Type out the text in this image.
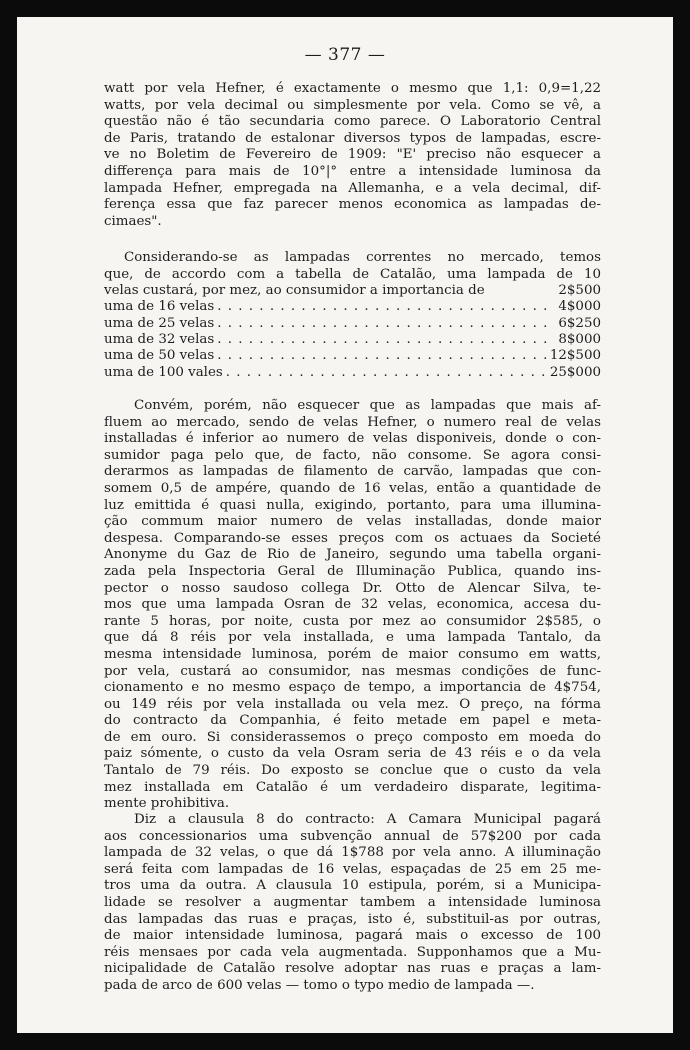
— 377 —
watt por vela Hefner, é exactamente o mesmo que 1,1: 0,9=1,22
watts, por vela decimal ou simplesmente por vela. Como se vê, a
questão não é tão secundaria como parece. O Laboratorio Central
de Paris, tratando de estalonar diversos typos de lampadas, escre-
ve no Boletim de Fevereiro de 1909: "E' preciso não esquecer a
differença para mais de 10°|° entre a intensidade luminosa da
lampada Hefner, empregada na Allemanha, e a vela decimal, dif-
ferença essa que faz parecer menos economica as lampadas de-
cimaes".
Considerando-se as lampadas correntes no mercado, temos
que, de accordo com a tabella de Catalão, uma lampada de 10
velas custará, por mez, ao consumidor a importancia de	2$500
uma de 16 velas . . .	4$000
uma de 25 velas . . .	6$250
uma de 32 velas . . .	8$000
uma de 50 velas . . .	12$500
uma de 100 vales . . .	25$000
Convém, porém, não esquecer que as lampadas que mais af-
fluem ao mercado, sendo de velas Hefner, o numero real de velas
installadas é inferior ao numero de velas disponiveis, donde o con-
sumidor paga pelo que, de facto, não consome. Se agora consi-
derarmos as lampadas de filamento de carvão, lampadas que con-
somem 0,5 de ampére, quando de 16 velas, então a quantidade de
luz emittida é quasi nulla, exigindo, portanto, para uma illumina-
ção commum maior numero de velas installadas, donde maior
despesa. Comparando-se esses preços com os actuaes da Societé
Anonyme du Gaz de Rio de Janeiro, segundo uma tabella organi-
zada pela Inspectoria Geral de Illuminação Publica, quando ins-
pector o nosso saudoso collega Dr. Otto de Alencar Silva, te-
mos que uma lampada Osran de 32 velas, economica, accesa du-
rante 5 horas, por noite, custa por mez ao consumidor 2$585, o
que dá 8 réis por vela installada, e uma lampada Tantalo, da
mesma intensidade luminosa, porém de maior consumo em watts,
por vela, custará ao consumidor, nas mesmas condições de func-
cionamento e no mesmo espaço de tempo, a importancia de 4$754,
ou 149 réis por vela installada ou vela mez. O preço, na fórma
do contracto da Companhia, é feito metade em papel e meta-
de em ouro. Si considerassemos o preço composto em moeda do
paiz sómente, o custo da vela Osram seria de 43 réis e o da vela
Tantalo de 79 réis. Do exposto se conclue que o custo da vela
mez installada em Catalão é um verdadeiro disparate, legitima-
mente prohibitiva.
Diz a clausula 8 do contracto: A Camara Municipal pagará
aos concessionarios uma subvenção annual de 57$200 por cada
lampada de 32 velas, o que dá 1$788 por vela anno. A illuminação
será feita com lampadas de 16 velas, espaçadas de 25 em 25 me-
tros uma da outra. A clausula 10 estipula, porém, si a Municipa-
lidade se resolver a augmentar tambem a intensidade luminosa
das lampadas das ruas e praças, isto é, substituil-as por outras,
de maior intensidade luminosa, pagará mais o excesso de 100
réis mensaes por cada vela augmentada. Supponhamos que a Mu-
nicipalidade de Catalão resolve adoptar nas ruas e praças a lam-
pada de arco de 600 velas — tomo o typo medio de lampada —.
